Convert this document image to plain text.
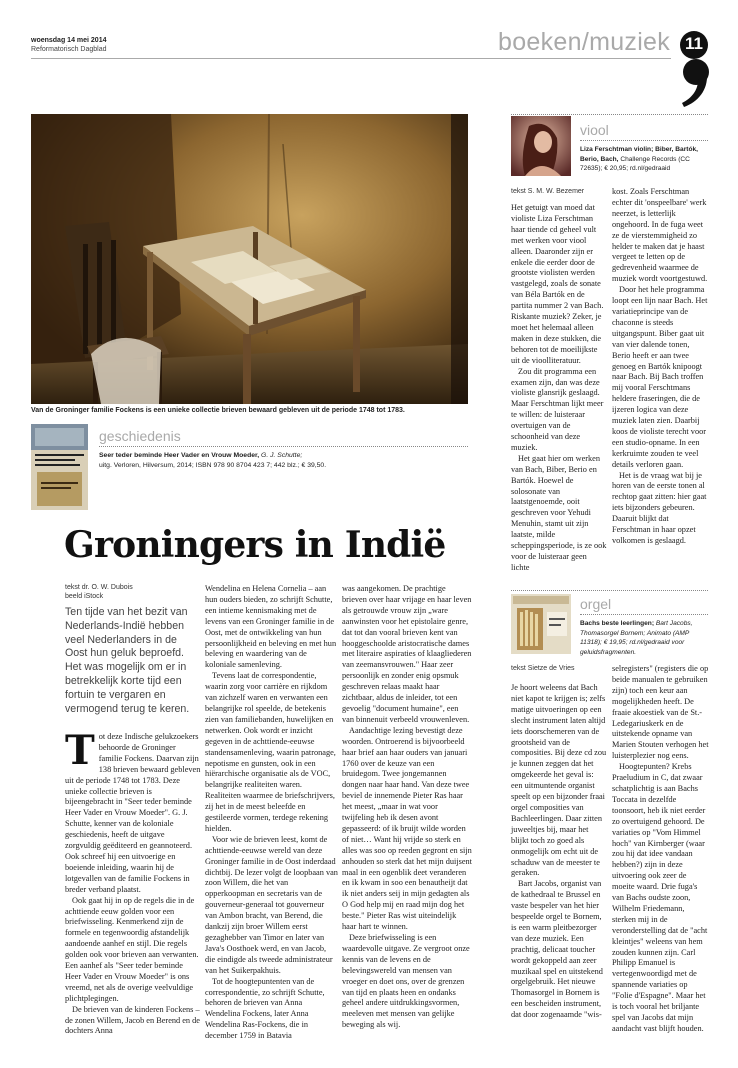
woensdag 14 mei 2014
Reformatorisch Dagblad	boeken/muziek 11
Van de Groninger familie Fockens is een unieke collectie brieven bewaard gebleven uit de periode 1748 tot 1783.
geschiedenis
Seer teder beminde Heer Vader en Vrouw Moeder, G. J. Schutte;
uitg. Verloren, Hilversum, 2014; ISBN 978 90 8704 423 7; 442 blz.; € 39,50.
Groningers in Indië
tekst dr. O. W. Dubois
beeld iStock
Ten tijde van het bezit van Nederlands-Indië hebben veel Nederlanders in de Oost hun geluk beproefd. Het was mogelijk om er in betrekkelijk korte tijd een fortuin te vergaren en vermogend terug te keren.

Tot deze Indische gelukzoekers behoorde de Groninger familie Fockens. Daarvan zijn 138 brieven bewaard gebleven uit de periode 1748 tot 1783. Deze unieke collectie brieven is bijeengebracht in "Seer teder beminde Heer Vader en Vrouw Moeder". G. J. Schutte, kenner van de koloniale geschiedenis, heeft de uitgave zorgvuldig geëditeerd en geannoteerd. Ook schreef hij een uitvoerige en boeiende inleiding, waarin hij de lotgevallen van de familie Fockens in breder verband plaatst.

Ook gaat hij in op de regels die in de achttiende eeuw golden voor een briefwisseling. Kenmerkend zijn de formele en tegenwoordig afstandelijk aandoende aanhef en stijl. Die regels golden ook voor brieven aan verwanten. Een aanhef als "Seer teder beminde Heer Vader en Vrouw Moeder" is ons vreemd, net als de overige veelvuldige plichtplegingen.

De brieven van de kinderen Fockens –de zonen Willem, Jacob en Berend en de dochters Anna

Wendelina en Helena Cornelia – aan hun ouders bieden, zo schrijft Schutte, een intieme kennismaking met de levens van een Groninger familie in de Oost, met de ontwikkeling van hun persoonlijkheid en beleving en met hun beleving en waardering van de koloniale samenleving.

Tevens laat de correspondentie, waarin zorg voor carrière en rijkdom van zichzelf waren en verwanten een belangrijke rol speelde, de betekenis zien van familiebanden, huwelijken en netwerken. Ook wordt er inzicht gegeven in de achttiende-eeuwse standensamenleving, waarin patronage, nepotisme en gunsten, ook in een hiërarchische organisatie als de VOC, belangrijke realiteiten waren. Realiteiten waarmee de briefschrijvers, zij het in de meest beleefde en gestileerde vormen, terdege rekening hielden.

Voor wie de brieven leest, komt de achttiende-eeuwse wereld van deze Groninger familie in de Oost inderdaad dichtbij. De lezer volgt de loopbaan van zoon Willem, die het van opperkoopman en secretaris van de gouverneur-generaal tot gouverneur van Ambon bracht, van Berend, die dankzij zijn broer Willem eerst gezaghebber van Timor en later van Java's Oosthoek werd, en van Jacob, die eindigde als tweede administrateur van het Suikerpakhuis.

Tot de hoogtepuntenten van de correspondentie, zo schrijft Schutte, behoren de brieven van Anna Wendelina Fockens, later Anna Wendelina Ras-Fockens, die in december 1759 in Batavia

was aangekomen. De prachtige brieven over haar vrijage en haar leven als getrouwde vrouw zijn „ware aanwinsten voor het epistolaire genre, dat tot dan vooral brieven kent van hooggeschoolde aristocratische dames met literaire aspiraties of klaagliederen van zeemansvrouwen." Haar zeer persoonlijk en zonder enig opsmuk geschreven relaas maakt haar zichtbaar, aldus de inleider, tot een gevoelig "document humaine", een van binnenuit verbeeld vrouwenleven.

Aandachtige lezing bevestigt deze woorden. Ontroerend is bijvoorbeeld haar brief aan haar ouders van januari 1760 over de keuze van een bruidegom. Twee jongemannen dongen naar haar hand. Van deze twee beviel de innemende Pieter Ras haar het meest, „maar in wat voor twijfeling heb ik desen avont gepasseerd: of ik bruijt wilde worden of niet… Want hij vrijde so sterk en alles was soo op reeden gegront en sijn anhouden so sterk dat het mijn duijsent maal in een ogenblik deet veranderen en ik kwam in soo een benautheijt dat ik niet anders seij in mijn gedagten als O God help mij en raad mijn dog het beste." Pieter Ras wist uiteindelijk haar hart te winnen.

Deze briefwisseling is een waardevolle uitgave. Ze vergroot onze kennis van de levens en de belevingswereld van mensen van vroeger en doet ons, over de grenzen van tijd en plaats heen en ondanks geheel andere uitdrukkingsvormen, meeleven met mensen van gelijke beweging als wij.

viool
Liza Ferschtman violin; Biber, Bartók, Berio, Bach, Challenge Records (CC 72635); € 20,95; rd.nl/gedraaid
tekst S. M. W. Bezemer

Het getuigt van moed dat violiste Liza Ferschtman haar tiende cd geheel vult met werken voor viool alleen. Daaronder zijn er enkele die eerder door de grootste violisten werden vastgelegd, zoals de sonate van Béla Bartók en de partita nummer 2 van Bach. Riskante muziek? Zeker, je moet het helemaal alleen maken in deze stukken, die behoren tot de moeilijkste uit de vioolliteratuur.

Zou dit programma een examen zijn, dan was deze violiste glansrijk geslaagd. Maar Ferschtman lijkt meer te willen: de luisteraar overtuigen van de schoonheid van deze muziek.

Het gaat hier om werken van Bach, Biber, Berio en Bartók. Hoewel de solosonate van laatstgenoemde, ooit geschreven voor Yehudi Menuhin, stamt uit zijn laatste, milde scheppingsperiode, is ze ook voor de luisteraar geen lichte

kost. Zoals Ferschtman echter dit 'onspeelbare' werk neerzet, is letterlijk ongehoord. In de fuga weet ze de vierstemmigheid zo helder te maken dat je haast vergeet te letten op de gedrevenheid waarmee de muziek wordt voortgestuwd.

Door het hele programma loopt een lijn naar Bach. Het variatieprincipe van de chaconne is steeds uitgangspunt. Biber gaat uit van vier dalende tonen, Berio heeft er aan twee genoeg en Bartók knipoogt naar Bach. Bij Bach troffen mij vooral Ferschtmans heldere fraseringen, die de ijzeren logica van deze muziek laten zien. Daarbij koos de violiste terecht voor een studio-opname. In een kerkruimte zouden te veel details verloren gaan.

Het is de vraag wat bij je horen van de eerste tonen al rechtop gaat zitten: hier gaat iets bijzonders gebeuren. Daaruit blijkt dat Ferschtman in haar opzet volkomen is geslaagd.

orgel
Bachs beste leerlingen; Bart Jacobs, Thomasorgel Bornem; Animato (AMP 11318); € 19,95; rd.nl/gedraaid voor geluidsfragmenten.
tekst Sietze de Vries

Je hoort weleens dat Bach niet kapot te krijgen is; zelfs matige uitvoeringen op een slecht instrument laten altijd iets doorschemeren van de grootsheid van de composities. Bij deze cd zou je kunnen zeggen dat het omgekeerde het geval is: een uitmuntende organist speelt op een bijzonder fraai orgel composities van Bachleerlingen. Daar zitten juweeltjes bij, maar het blijkt toch zo goed als onmogelijk om echt uit de schaduw van de meester te geraken.

Bart Jacobs, organist van de kathedraal te Brussel en vaste bespeler van het hier bespeelde orgel te Bornem, is een warm pleitbezorger van deze muziek. Een prachtig, delicaat toucher wordt gekoppeld aan zeer muzikaal spel en uitstekend orgelgebruik. Het nieuwe Thomasorgel in Bornem is een bescheiden instrument, dat door zogenaamde "wis-

selregisters" (registers die op beide manualen te gebruiken zijn) toch een keur aan mogelijkheden heeft. De fraaie akoestiek van de St.-Ledegariuskerk en de uitstekende opname van Marien Stouten verhogen het luisterplezier nog eens.

Hoogtepunten? Krebs Praeludium in C, dat zwaar schatplichtig is aan Bachs Toccata in dezelfde toonsoort, heb ik niet eerder zo overtuigend gehoord. De variaties op "Vom Himmel hoch" van Kirnberger (waar zou hij dat idee vandaan hebben?) zijn in deze uitvoering ook zeer de moeite waard. Drie fuga's van Bachs oudste zoon, Wilhelm Friedemann, sterken mij in de veronderstelling dat de "acht kleintjes" weleens van hem zouden kunnen zijn. Carl Philipp Emanuel is vertegenwoordigd met de spannende variaties op "Folie d'Espagne". Maar het is toch vooral het briljante spel van Jacobs dat mijn aandacht vast blijft houden.
